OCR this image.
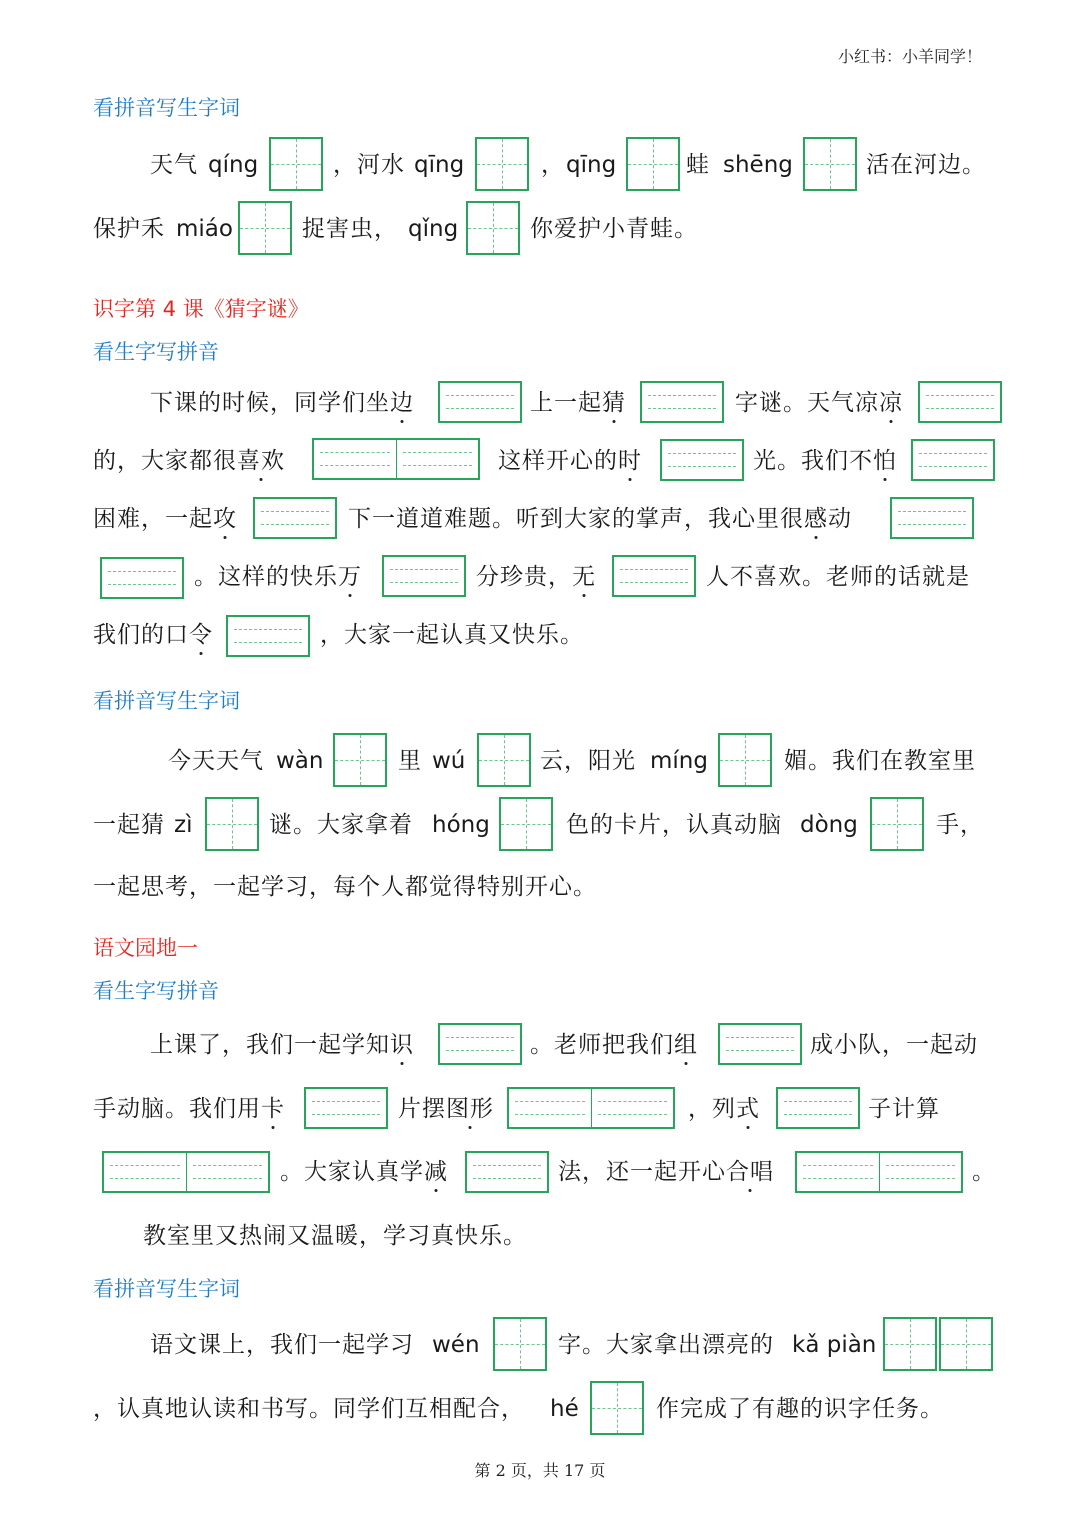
小红书：小羊同学！
看拼音写生字词
天气 qíng	，河水 qīng	， qīng	蛙 shēng	活在河边。
保护禾 miáo	捉害虫， qǐng	你爱护小青蛙。
识字第 4 课《猜字谜》
看生字写拼音
下课的时候，同学们坐边	上一起猜	字谜。天气凉凉
的，大家都很喜欢	这样开心的时	光。我们不怕
困难，一起攻	下一道道难题。听到大家的掌声，我心里很感动
。这样的快乐万	分珍贵，无	人不喜欢。老师的话就是
我们的口令	，大家一起认真又快乐。
看拼音写生字词
今天天气 wàn	里 wú	云，阳光 míng	媚。我们在教室里
一起猜 zì	谜。大家拿着 hóng	色的卡片，认真动脑 dòng	手，
一起思考，一起学习，每个人都觉得特别开心。
语文园地一
看生字写拼音
上课了，我们一起学知识	。老师把我们组	成小队，一起动
手动脑。我们用卡	片摆图形	，列式	子计算
。大家认真学减	法，还一起开心合唱	。
教室里又热闹又温暖，学习真快乐。
看拼音写生字词
语文课上，我们一起学习 wén	字。大家拿出漂亮的 kǎ piàn
，认真地认读和书写。同学们互相配合， hé	作完成了有趣的识字任务。
第 2 页，共 17 页
